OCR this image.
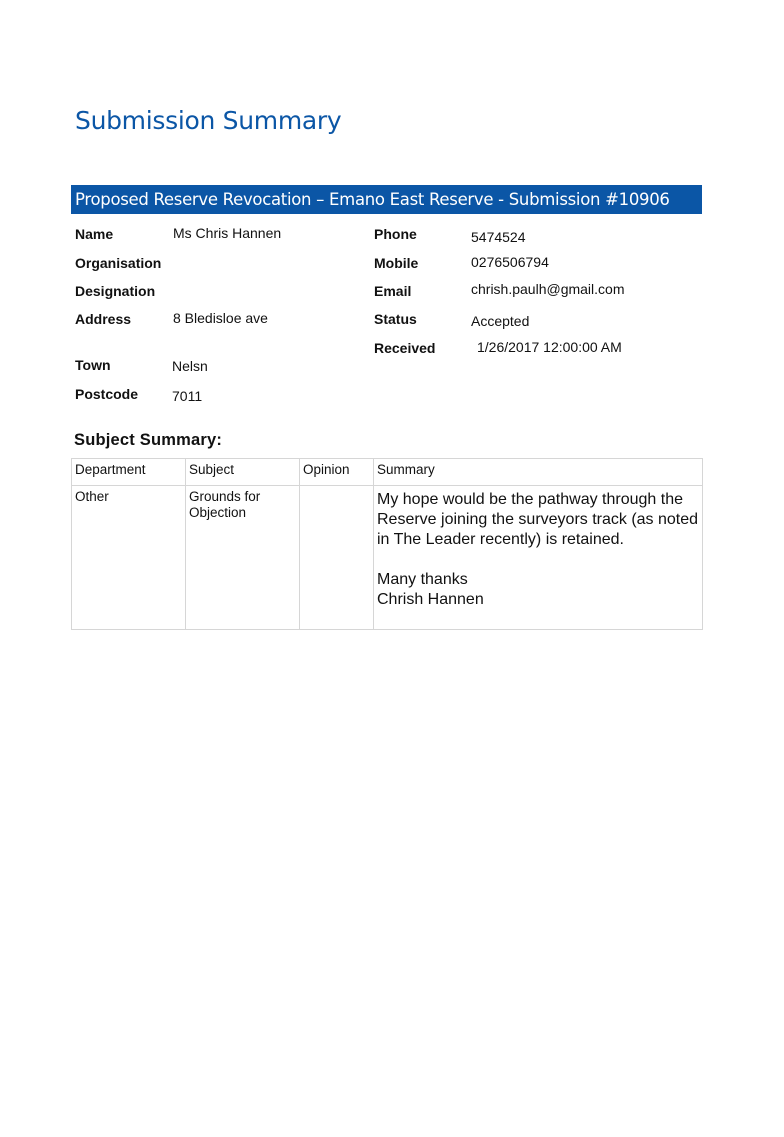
Submission Summary
Proposed Reserve Revocation – Emano East Reserve - Submission #10906
Name	Ms Chris Hannen
Organisation
Designation
Address	8 Bledisloe ave
Town	Nelsn
Postcode 7011
Phone	5474524
Mobile	0276506794
Email	chrish.paulh@gmail.com
Status	Accepted
Received	1/26/2017 12:00:00 AM
Subject Summary:
Department	Subject	Opinion	Summary
Other	Grounds for Objection		My hope would be the pathway through the Reserve joining the surveyors track (as noted in The Leader recently) is retained.
Many thanks
Chrish Hannen
